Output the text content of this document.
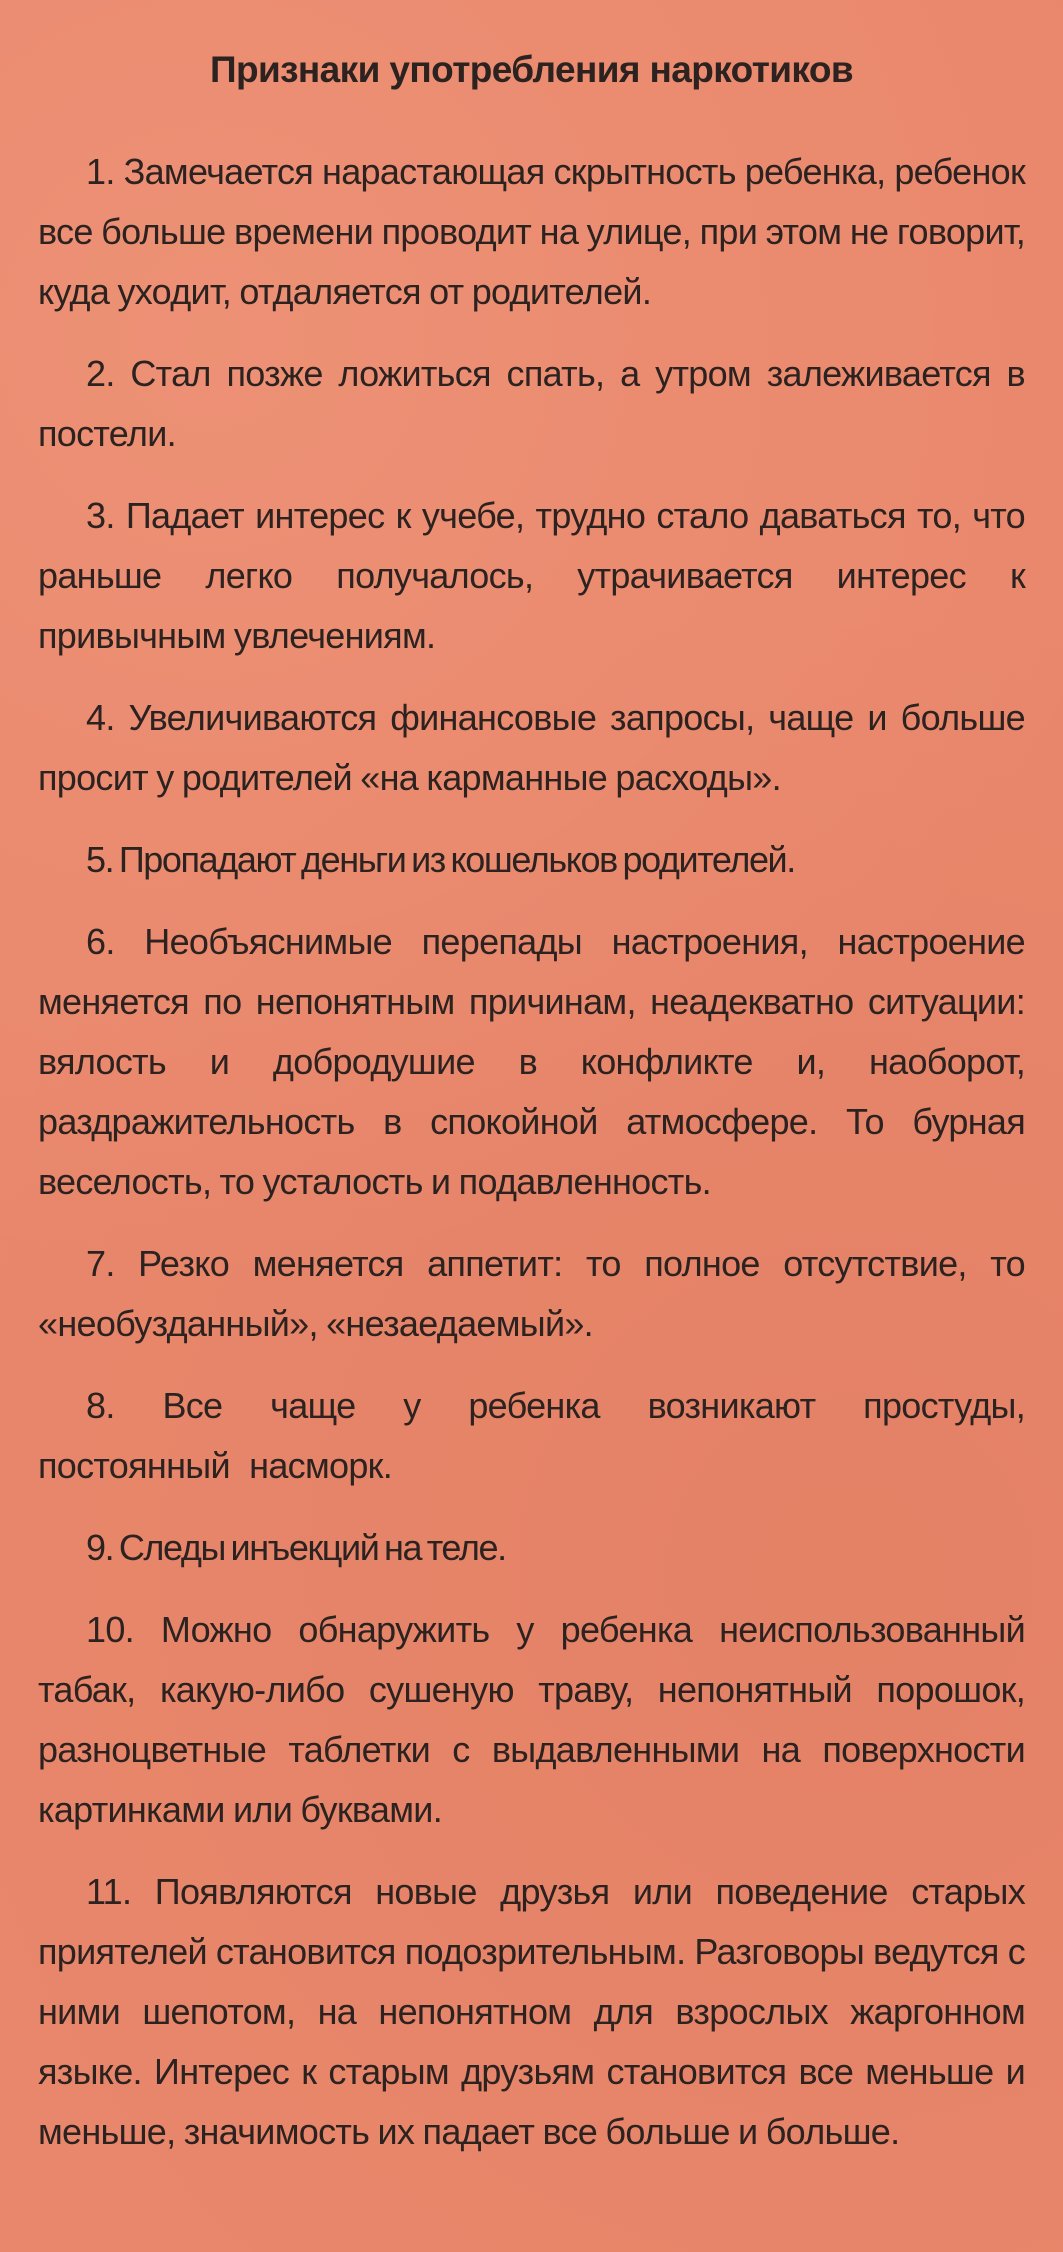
Признаки употребления наркотиков
1. Замечается нарастающая скрытность ребенка, ребенок все больше времени проводит на улице, при этом не говорит, куда уходит, отдаляется от родителей.
2. Стал позже ложиться спать, а утром залеживается в постели.
3. Падает интерес к учебе, трудно стало даваться то, что раньше легко получалось, утрачивается интерес к привычным увлечениям.
4. Увеличиваются финансовые запросы, чаще и больше просит у родителей «на карманные расходы».
5. Пропадают деньги из кошельков родителей.
6. Необъяснимые перепады настроения, настроение меняется по непонятным причинам, неадекватно ситуации: вялость и добродушие в конфликте и, наоборот, раздражительность в спокойной атмосфере. То бурная веселость, то усталость и подавленность.
7. Резко меняется аппетит: то полное отсутствие, то «необузданный», «незаедаемый».
8. Все чаще у ребенка возникают простуды, постоянный насморк.
9. Следы инъекций на теле.
10. Можно обнаружить у ребенка неиспользованный табак, какую-либо сушеную траву, непонятный порошок, разноцветные таблетки с выдавленными на поверхности картинками или буквами.
11. Появляются новые друзья или поведение старых приятелей становится подозрительным. Разговоры ведутся с ними шепотом, на непонятном для взрослых жаргонном языке. Интерес к старым друзьям становится все меньше и меньше, значимость их падает все больше и больше.
